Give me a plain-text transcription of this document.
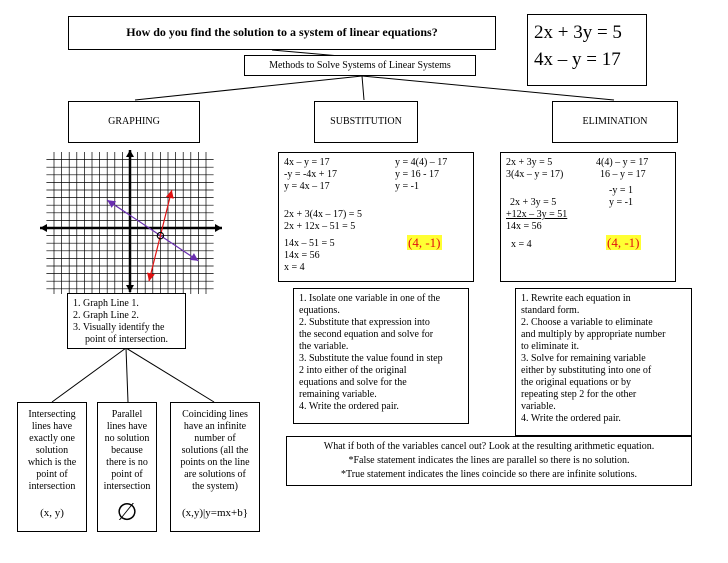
How do you find the solution to a system of linear equations?	2x + 3y = 5
4x – y = 17
Methods to Solve Systems of Linear Systems
GRAPHING	SUBSTITUTION	ELIMINATION
1. Graph Line 1.
2. Graph Line 2.
3. Visually identify the
point of intersection.
4x – y = 17
-y = -4x + 17
y = 4x – 17
y = 4(4) – 17
y = 16 - 17
y = -1
2x + 3(4x – 17) = 5
2x + 12x – 51 = 5
14x – 51 = 5
14x = 56
x = 4
(4, -1)
2x + 3y = 5
3(4x – y = 17)
2x + 3y = 5
+12x – 3y = 51
14x = 56
4(4) – y = 17
16 – y = 17
-y = 1
y = -1
x = 4	(4, -1)
1. Isolate one variable in one of the
equations.
2. Substitute that expression into
the second equation and solve for
the variable.
3. Substitute the value found in step
2 into either of the original
equations and solve for the
remaining variable.
4. Write the ordered pair.
1. Rewrite each equation in
standard form.
2. Choose a variable to eliminate
and multiply by appropriate number
to eliminate it.
3. Solve for remaining variable
either by substituting into one of
the original equations or by
repeating step 2 for the other
variable.
4. Write the ordered pair.
What if both of the variables cancel out? Look at the resulting arithmetic equation.
*False statement indicates the lines are parallel so there is no solution.
*True statement indicates the lines coincide so there are infinite solutions.
Intersecting
lines have
exactly one
solution
which is the
point of
intersection
(x, y)
Parallel
lines have
no solution
because
there is no
point of
intersection
∅
Coinciding lines
have an infinite
number of
solutions (all the
points on the line
are solutions of
the system)
(x,y)|y=mx+b}
